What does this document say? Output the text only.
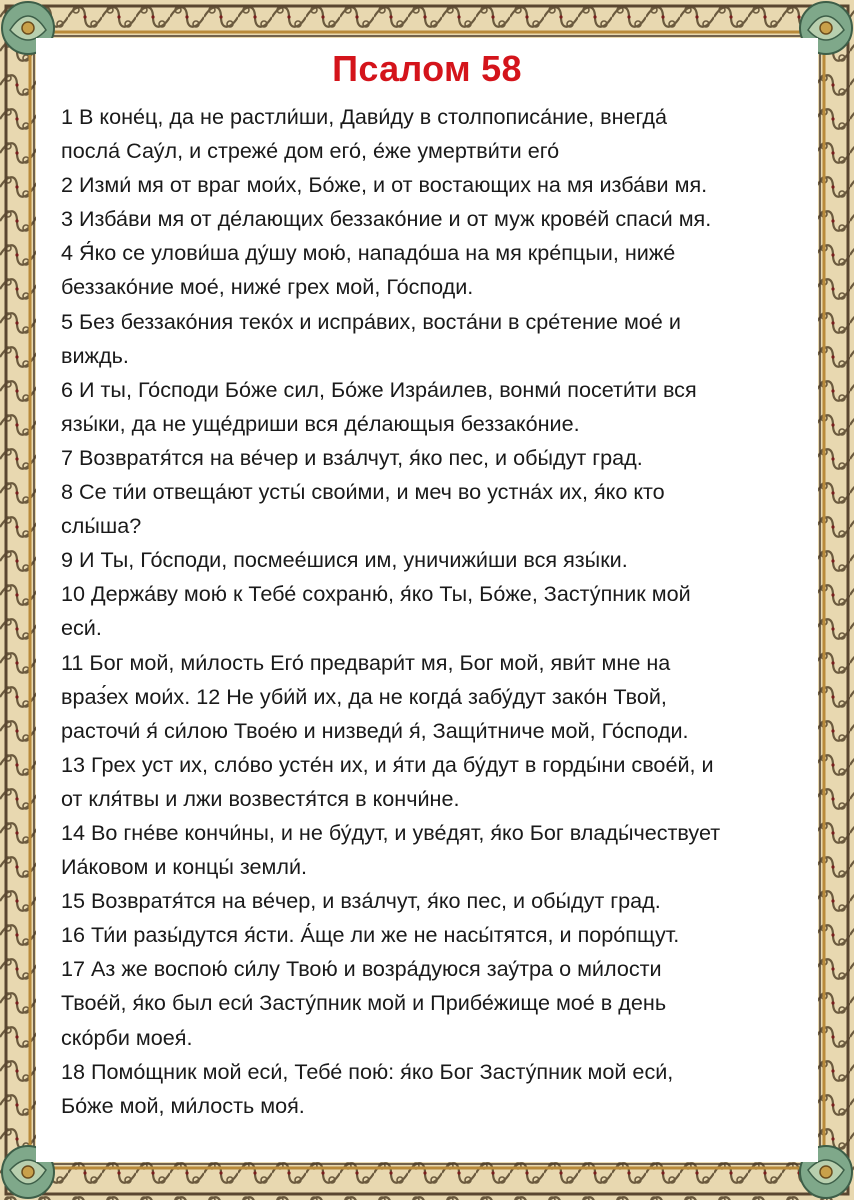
Псалом 58
1 В коне́ц, да не растли́ши, Дави́ду в столпописа́ние, внегда́
посла́ Сау́л, и стреже́ дом его́, е́же умертви́ти его́
2 Изми́ мя от враг мои́х, Бо́же, и от востающих на мя изба́ви мя.
3 Изба́ви мя от де́лающих беззако́ние и от муж крове́й спаси́ мя.
4 Я́ко се улови́ша ду́шу мою́, нападо́ша на мя кре́пцыи, ниже́
беззако́ние мое́, ниже́ грех мой, Го́споди.
5 Без беззако́ния теко́х и испра́вих, воста́ни в сре́тение мое́ и
виждь.
6 И ты, Го́споди Бо́же сил, Бо́же Изра́илев, вонми́ посети́ти вся
язы́ки, да не уще́дриши вся де́лающыя беззако́ние.
7 Возвратя́тся на ве́чер и вза́лчут, я́ко пес, и обы́дут град.
8 Се ти́и отвеща́ют усты́ свои́ми, и меч во устна́х их, я́ко кто
слы́ша?
9 И Ты, Го́споди, посмее́шися им, уничижи́ши вся язы́ки.
10 Держа́ву мою́ к Тебе́ сохраню́, я́ко Ты, Бо́же, Засту́пник мой
еси́.
11 Бог мой, ми́лость Его́ предвари́т мя, Бог мой, яви́т мне на
враз́ех мои́х. 12 Не уби́й их, да не когда́ забу́дут зако́н Твой,
расточи́ я́ си́лою Твое́ю и низведи́ я́, Защи́тниче мой, Го́споди.
13 Грех уст их, сло́во усте́н их, и я́ти да бу́дут в горды́ни свое́й, и
от кля́твы и лжи возвестя́тся в кончи́не.
14 Во гне́ве кончи́ны, и не бу́дут, и уве́дят, я́ко Бог влады́чествует
Иа́ковом и концы́ земли́.
15 Возвратя́тся на ве́чер, и вза́лчут, я́ко пес, и обы́дут град.
16 Ти́и разы́дутся я́сти. А́ще ли же не насы́тятся, и поро́пщут.
17 Аз же воспою́ си́лу Твою́ и возра́дуюся зау́тра о ми́лости
Твое́й, я́ко был еси́ Засту́пник мой и Прибе́жище мое́ в день
ско́рби моея́.
18 Помо́щник мой еси́, Тебе́ пою́: я́ко Бог Засту́пник мой еси́,
Бо́же мой, ми́лость моя́.
